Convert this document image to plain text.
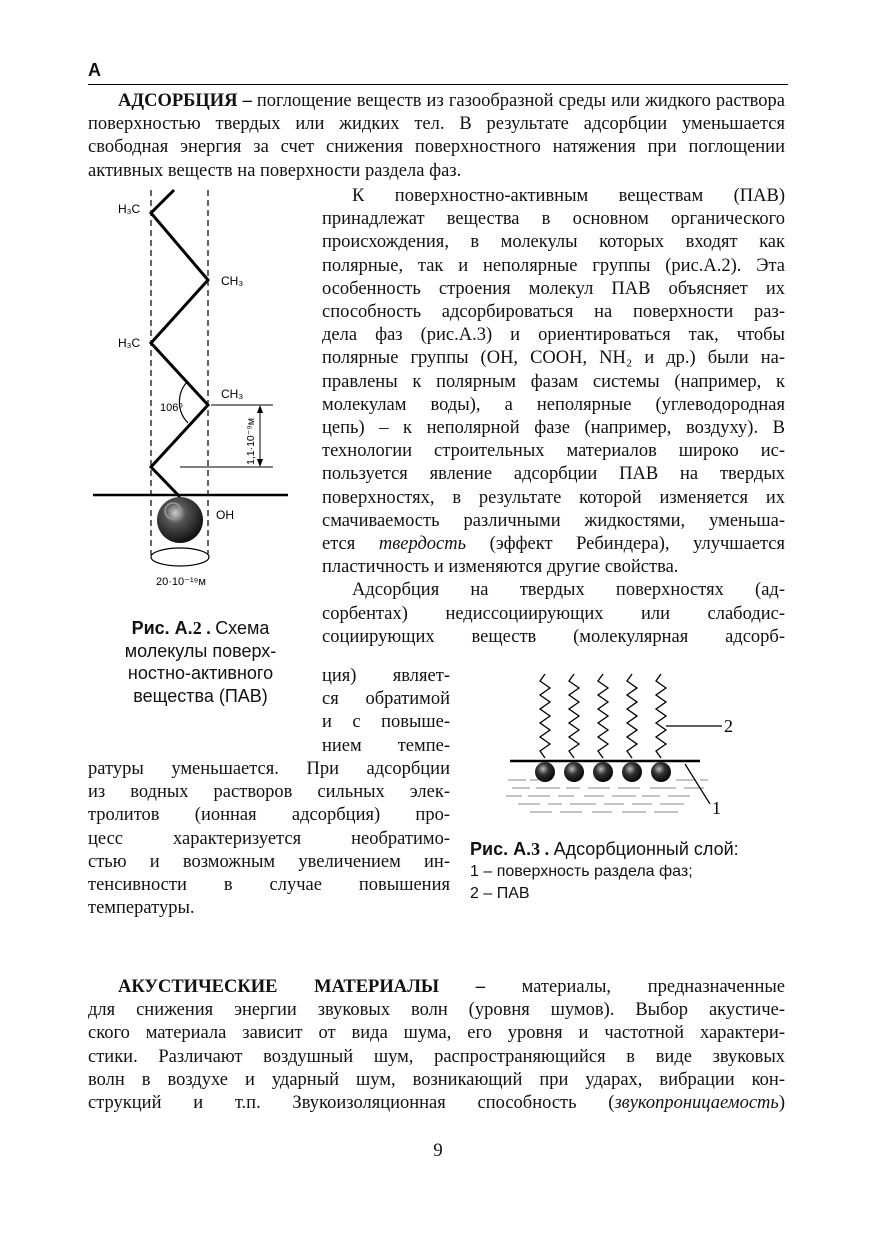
А
АДСОРБЦИЯ – поглощение веществ из газообразной среды или жидкого раствора поверхностью твердых или жидких тел. В результате адсорбции уменьшается свободная энергия за счет снижения поверхностного натяжения при поглощении активных веществ на поверхности раздела фаз.
К поверхностно-активным веществам (ПАВ)
принадлежат вещества в основном органического
происхождения, в молекулы которых входят как
полярные, так и неполярные группы (рис.А.2). Эта
особенность строения молекул ПАВ объясняет их
способность адсорбироваться на поверхности раз-
дела фаз (рис.А.3) и ориентироваться так, чтобы
полярные группы (OH, COOH, NH₂ и др.) были на-
правлены к полярным фазам системы (например, к
молекулам воды), а неполярные (углеводородная
цепь) – к неполярной фазе (например, воздуху). В
технологии строительных материалов широко ис-
пользуется явление адсорбции ПАВ на твердых
поверхностях, в результате которой изменяется их
смачиваемость различными жидкостями, уменьша-
ется твердость (эффект Ребиндера), улучшается
пластичность и изменяются другие свойства.
Адсорбция на твердых поверхностях (ад-
сорбентах) недиссоциирующих или слабодис-
социирующих веществ (молекулярная адсорб-
ция) являет-
ся обратимой
и с повыше-
нием темпе-
ратуры уменьшается. При адсорбции
из водных растворов сильных элек-
тролитов (ионная адсорбция) про-
цесс характеризуется необратимо-
стью и возможным увеличением ин-
тенсивности в случае повышения
температуры.
H₃C
CH₃
H₃C
CH₃
106⁰
1,1·10⁻⁹м
OH
20·10⁻¹⁹м
Рис. А.2 . Схема молекулы поверх-ностно-активного вещества (ПАВ)
2
1
Рис. А.3 . Адсорбционный слой:
1 – поверхность раздела фаз;
2 – ПАВ
АКУСТИЧЕСКИЕ МАТЕРИАЛЫ – материалы, предназначенные
для снижения энергии звуковых волн (уровня шумов). Выбор акустиче-
ского материала зависит от вида шума, его уровня и частотной характери-
стики. Различают воздушный шум, распространяющийся в виде звуковых
волн в воздухе и ударный шум, возникающий при ударах, вибрации кон-
струкций и т.п. Звукоизоляционная способность (звукопроницаемость)
9
